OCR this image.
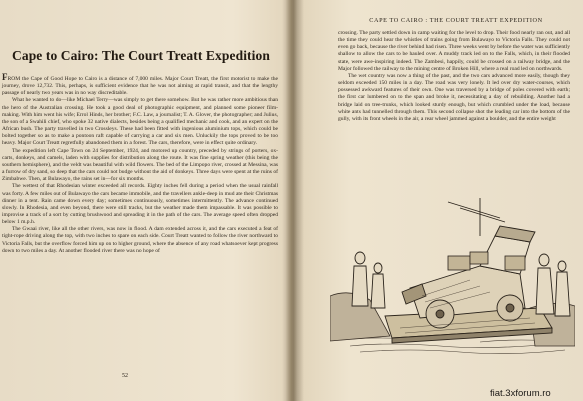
Cape to Cairo: The Court Treatt Expedition

FROM the Cape of Good Hope to Cairo is a distance of 7,000 miles. Major Court Treatt, the first motorist to make the journey, drove 12,732. This, perhaps, is sufficient evidence that he was not aiming at rapid transit, and that the lengthy passage of nearly two years was in no way discreditable.

What he wanted to do—like Michael Terry—was simply to get there somehow. But he was rather more ambitious than the hero of the Australian crossing. He took a good deal of photographic equipment, and planned some pioneer film-making. With him went his wife; Errol Hinds, her brother; F.C. Law, a journalist; T. A. Glover, the photographer; and Julius, the son of a Swahili chief, who spoke 32 native dialects, besides being a qualified mechanic and cook, and an expert on the African bush. The party travelled in two Crossleys. These had been fitted with ingenious aluminium tops, which could be bolted together so as to make a pontoon raft capable of carrying a car and six men. Unluckily the tops proved to be too heavy. Major Court Treatt regretfully abandoned them in a forest. The cars, therefore, were in effect quite ordinary.

The expedition left Cape Town on 24 September, 1924, and motored up country, preceded by strings of porters, ox-carts, donkeys, and camels, laden with supplies for distribution along the route. It was fine spring weather (this being the southern hemisphere), and the veldt was beautiful with wild flowers. The bed of the Limpopo river, crossed at Messina, was a furrow of dry sand, so deep that the cars could not budge without the aid of donkeys. Three days were spent at the ruins of Zimbabwe. Then, at Bulawayo, the rains set in—for six months.

The wettest of that Rhodesian winter exceeded all records. Eighty inches fell during a period when the usual rainfall was forty. A few miles out of Bulawayo the cars became immobile, and the travellers ankle-deep in mud ate their Christmas dinner in a tent. Rain came down every day; sometimes continuously, sometimes intermittently. The advance continued slowly. In Rhodesia, and even beyond, there were still tracks, but the weather made them impassable. It was possible to improvise a track of a sort by cutting brushwood and spreading it in the path of the cars. The average speed often dropped below 1 m.p.h.

The Gwaai river, like all the other rivers, was now in flood. A dam extended across it, and the cars executed a feat of tight-rope driving along the top, with two inches to spare on each side. Court Treatt wanted to follow the river northward to Victoria Falls, but the overflow forced him up on to higher ground, where the absence of any road whatsoever kept progress down to two miles a day. At another flooded river there was no hope of

52
CAPE TO CAIRO : THE COURT TREATT EXPEDITION

crossing. The party settled down in camp waiting for the level to drop. Their food nearly ran out, and all the time they could hear the whistles of trains going from Bulawayo to Victoria Falls. They could not even go back, because the river behind had risen. Three weeks went by before the water was sufficiently shallow to allow the cars to be hauled over. A muddy track led on to the Falls, which, in their flooded state, were awe-inspiring indeed. The Zambesi, happily, could be crossed on a railway bridge, and the Major followed the railway to the mining centre of Broken Hill, where a real road led on northwards.

The wet country was now a thing of the past, and the two cars advanced more easily, though they seldom exceeded 150 miles in a day. The road was very lonely. It led over dry water-courses, which possessed awkward features of their own. One was traversed by a bridge of poles covered with earth; the first car lumbered on to the span and broke it, necessitating a day of rebuilding. Another had a bridge laid on tree-trunks, which looked sturdy enough, but which crumbled under the load, because white ants had tunnelled through them. This second collapse shot the leading car into the bottom of the gully, with its front wheels in the air, a rear wheel jammed against a boulder, and the entire weight

fiat.3xforum.ro
